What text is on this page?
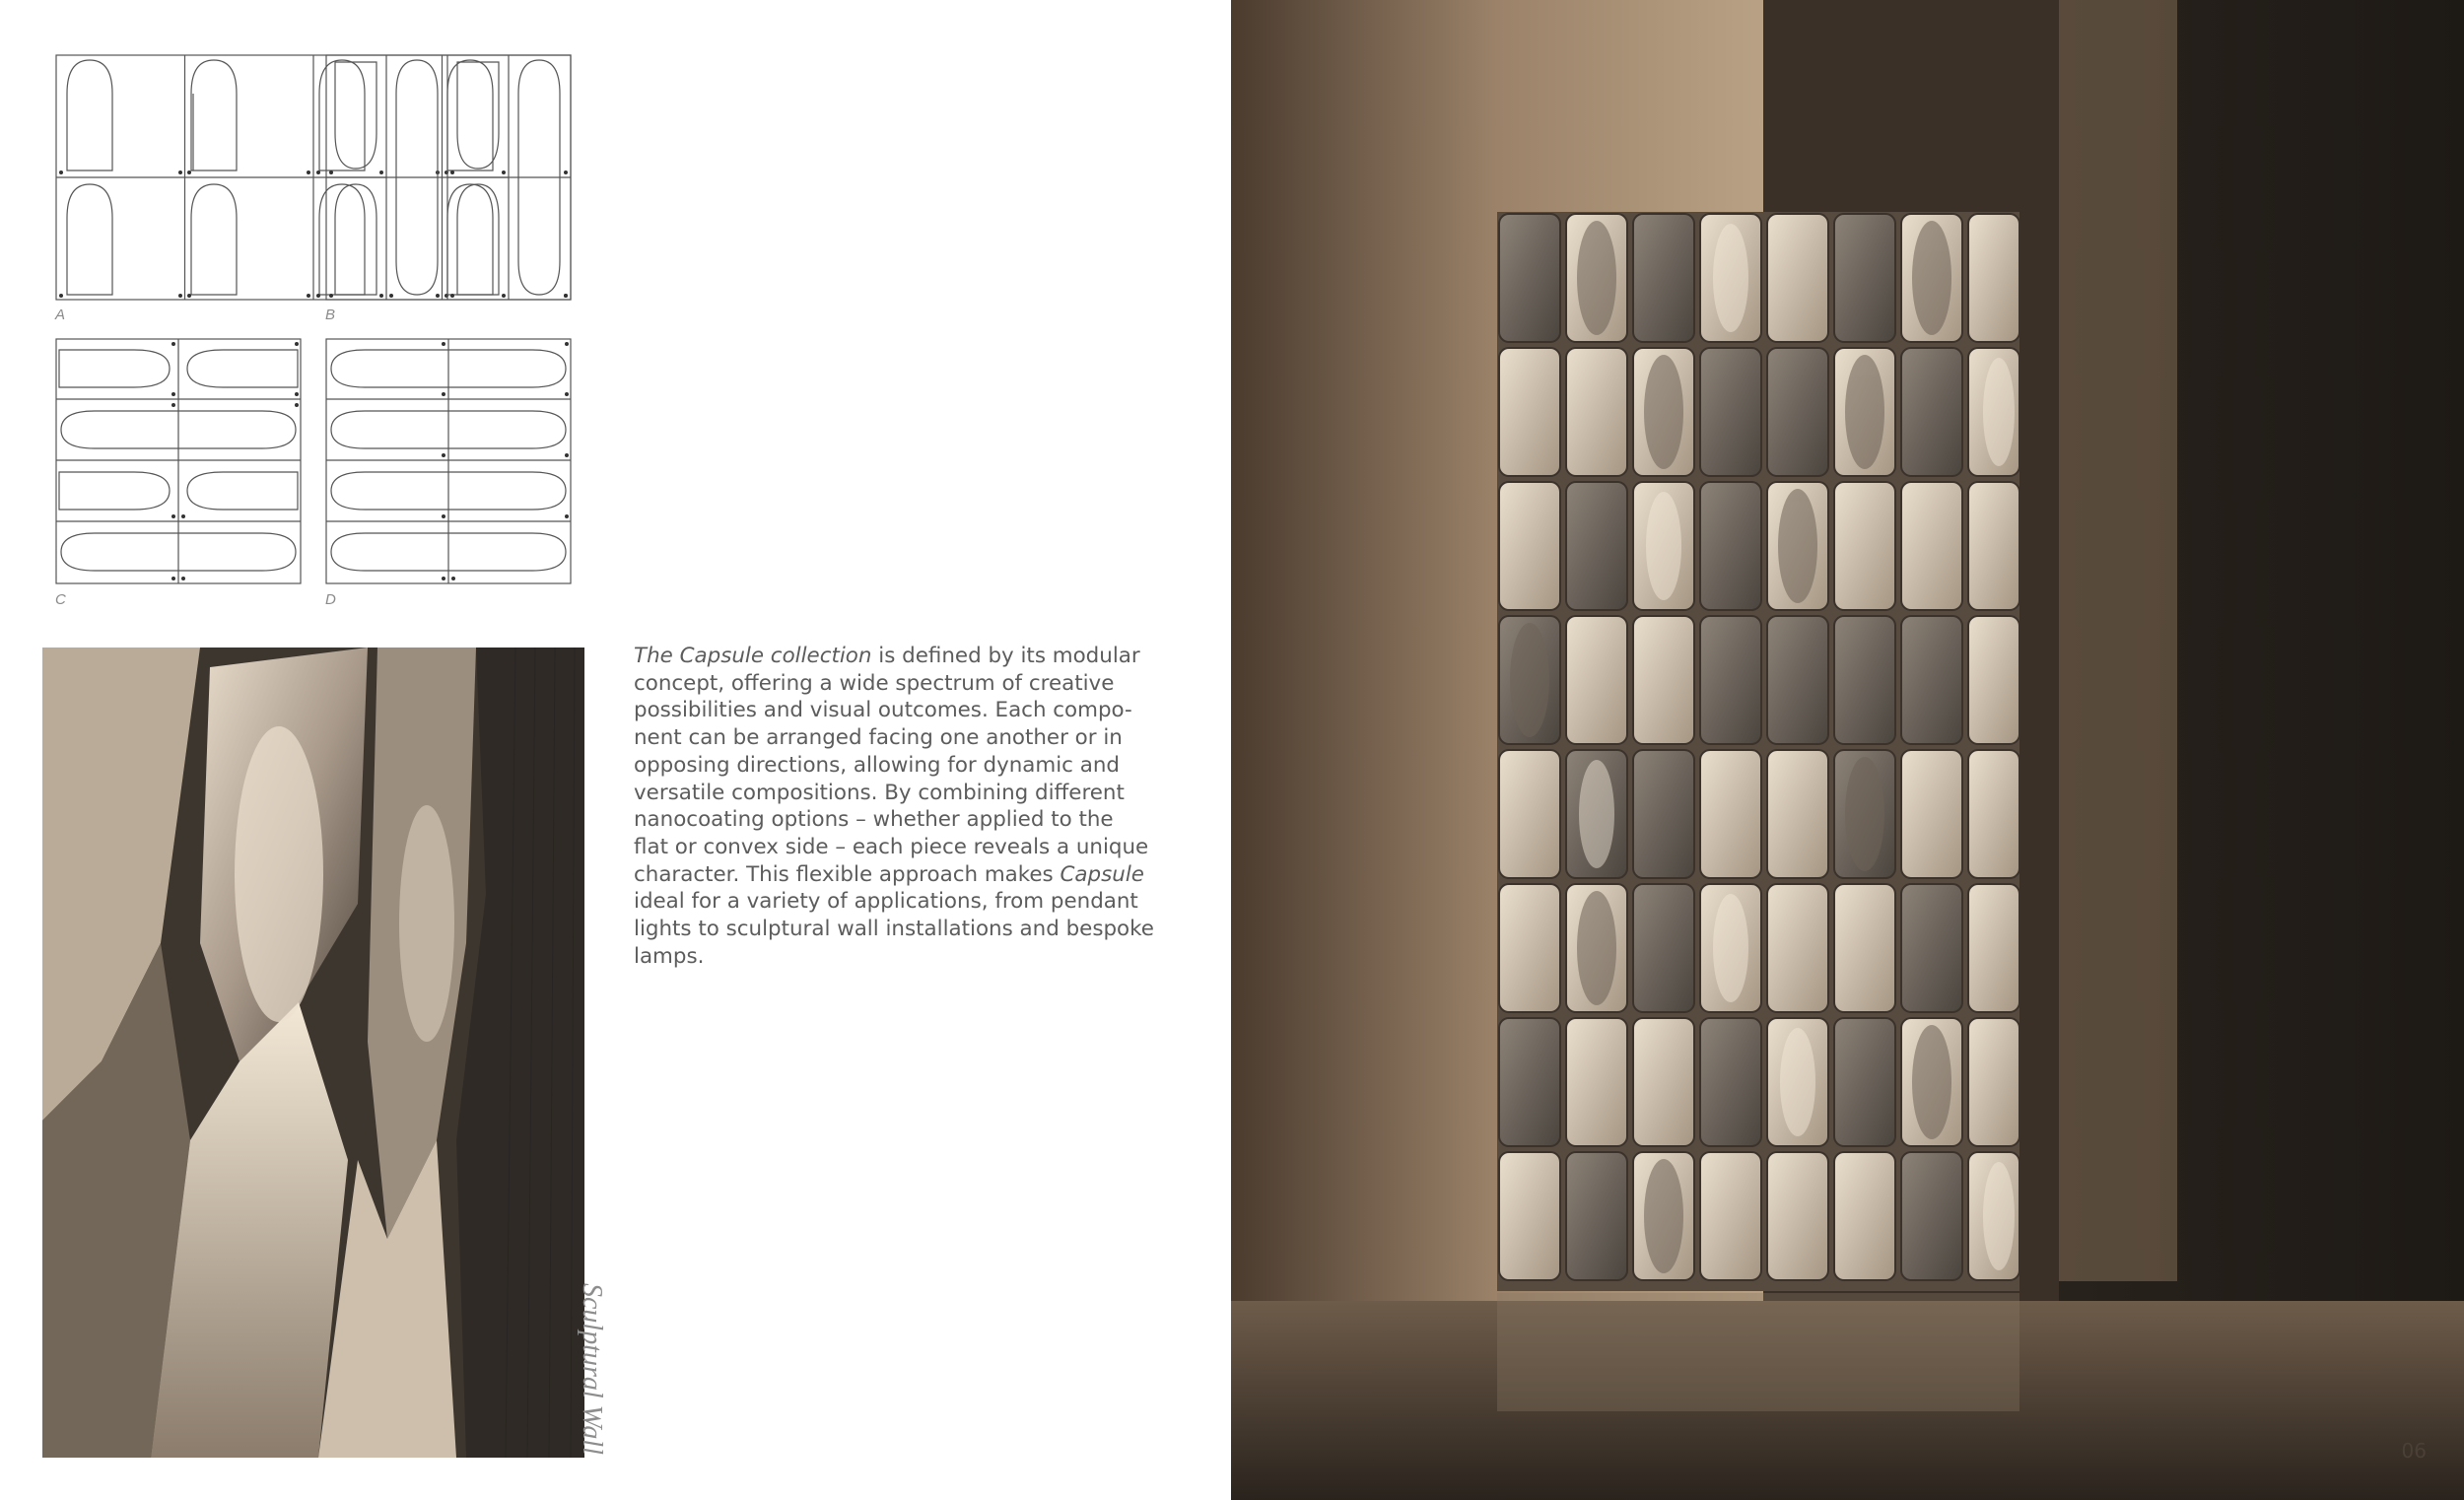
A	B
C	D
The Capsule collection is defined by its modular
concept, offering a wide spectrum of creative
possibilities and visual outcomes. Each compo-
nent can be arranged facing one another or in
opposing directions, allowing for dynamic and
versatile compositions. By combining different
nanocoating options – whether applied to the
flat or convex side – each piece reveals a unique
character. This flexible approach makes Capsule
ideal for a variety of applications, from pendant
lights to sculptural wall installations and bespoke
lamps.
Sculptural Wall	06
